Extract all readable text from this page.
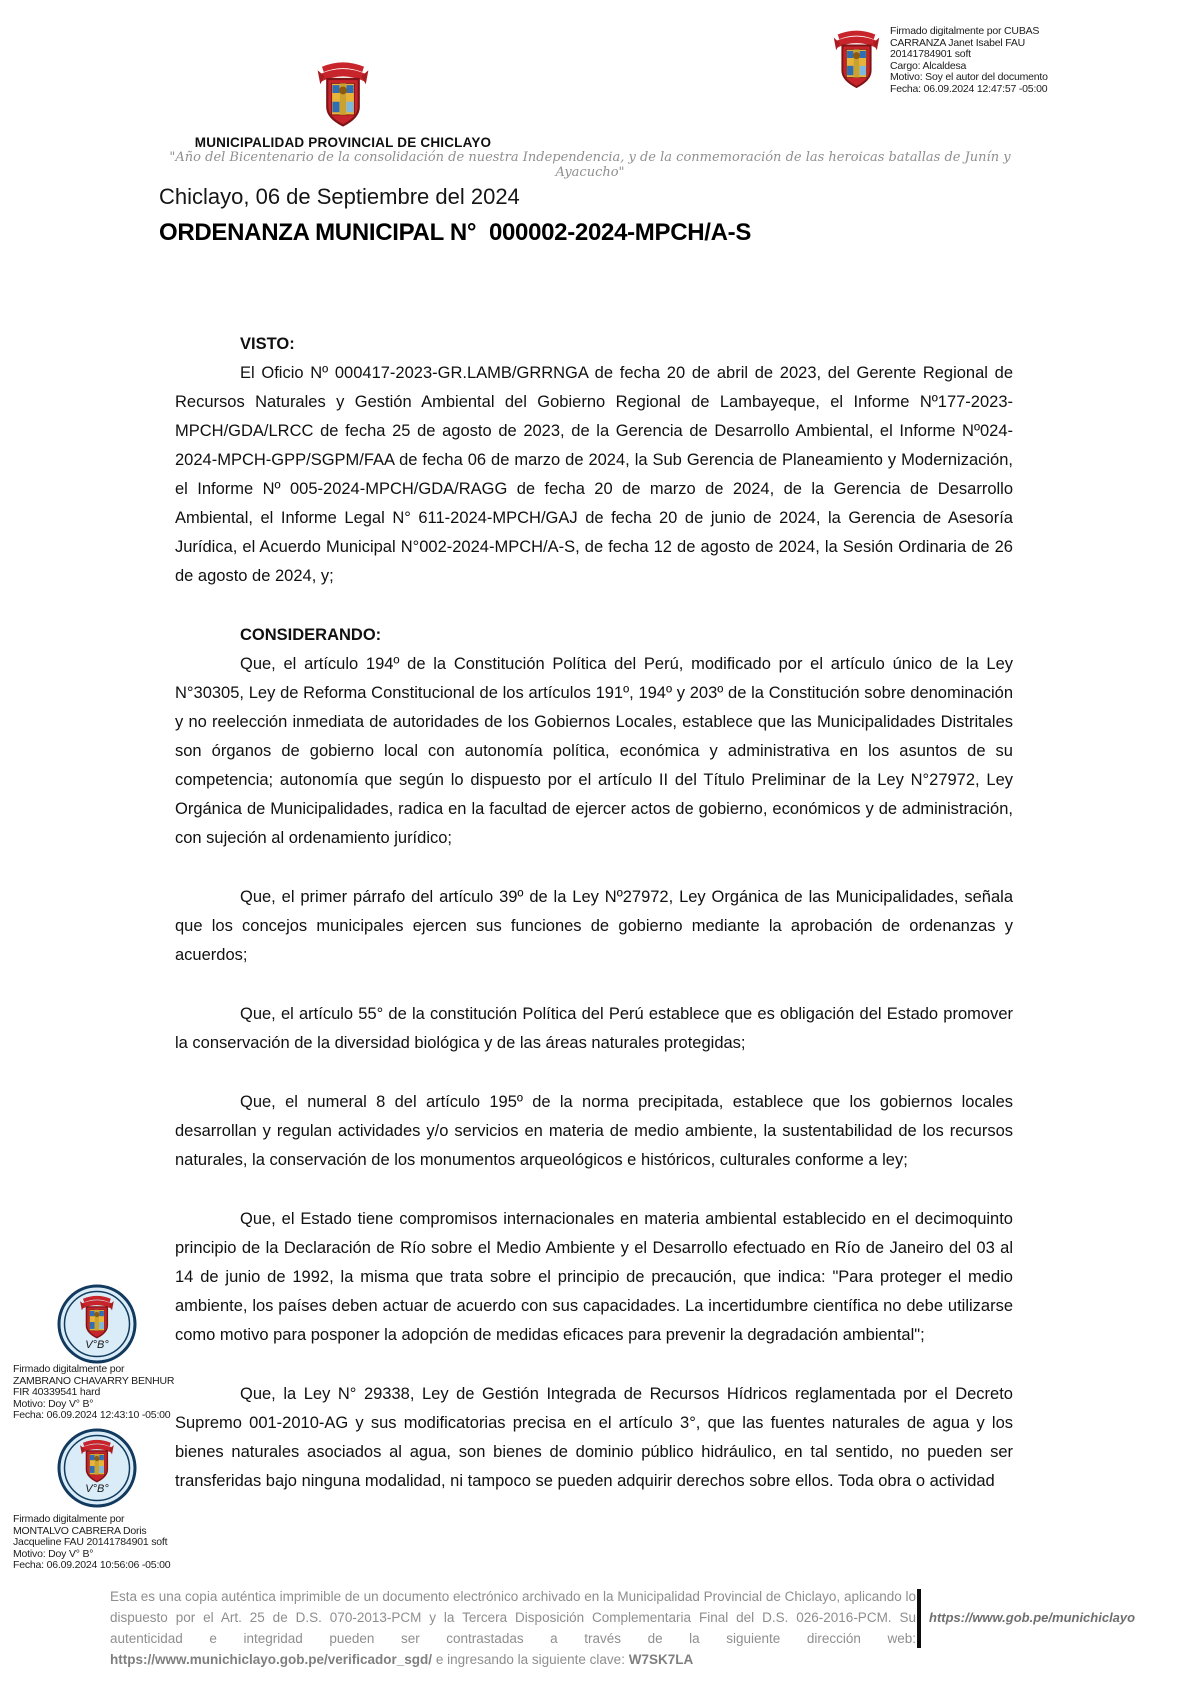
Firmado digitalmente por CUBAS
CARRANZA Janet Isabel FAU
20141784901 soft
Cargo: Alcaldesa
Motivo: Soy el autor del documento
Fecha: 06.09.2024 12:47:57 -05:00
MUNICIPALIDAD PROVINCIAL DE CHICLAYO
"Año del Bicentenario de la consolidación de nuestra Independencia, y de la conmemoración de las heroicas batallas de Junín y Ayacucho"
Chiclayo, 06 de Septiembre del 2024
ORDENANZA MUNICIPAL N°  000002-2024-MPCH/A-S
VISTO:

El Oficio Nº 000417-2023-GR.LAMB/GRRNGA de fecha 20 de abril de 2023, del Gerente Regional de Recursos Naturales y Gestión Ambiental del Gobierno Regional de Lambayeque, el Informe Nº177-2023-MPCH/GDA/LRCC de fecha 25 de agosto de 2023, de la Gerencia de Desarrollo Ambiental, el Informe Nº024-2024-MPCH-GPP/SGPM/FAA de fecha 06 de marzo de 2024, la Sub Gerencia de Planeamiento y Modernización, el Informe Nº 005-2024-MPCH/GDA/RAGG de fecha 20 de marzo de 2024, de la Gerencia de Desarrollo Ambiental, el Informe Legal N° 611-2024-MPCH/GAJ de fecha 20 de junio de 2024, la Gerencia de Asesoría Jurídica, el Acuerdo Municipal N°002-2024-MPCH/A-S, de fecha 12 de agosto de 2024, la Sesión Ordinaria de 26 de agosto de 2024, y;

CONSIDERANDO:

Que, el artículo 194º de la Constitución Política del Perú, modificado por el artículo único de la Ley N°30305, Ley de Reforma Constitucional de los artículos 191º, 194º y 203º de la Constitución sobre denominación y no reelección inmediata de autoridades de los Gobiernos Locales, establece que las Municipalidades Distritales son órganos de gobierno local con autonomía política, económica y administrativa en los asuntos de su competencia; autonomía que según lo dispuesto por el artículo II del Título Preliminar de la Ley N°27972, Ley Orgánica de Municipalidades, radica en la facultad de ejercer actos de gobierno, económicos y de administración, con sujeción al ordenamiento jurídico;

Que, el primer párrafo del artículo 39º de la Ley Nº27972, Ley Orgánica de las Municipalidades, señala que los concejos municipales ejercen sus funciones de gobierno mediante la aprobación de ordenanzas y acuerdos;

Que, el artículo 55° de la constitución Política del Perú establece que es obligación del Estado promover la conservación de la diversidad biológica y de las áreas naturales protegidas;

Que, el numeral 8 del artículo 195º de la norma precipitada, establece que los gobiernos locales desarrollan y regulan actividades y/o servicios en materia de medio ambiente, la sustentabilidad de los recursos naturales, la conservación de los monumentos arqueológicos e históricos, culturales conforme a ley;

Que, el Estado tiene compromisos internacionales en materia ambiental establecido en el decimoquinto principio de la Declaración de Río sobre el Medio Ambiente y el Desarrollo efectuado en Río de Janeiro del 03 al 14 de junio de 1992, la misma que trata sobre el principio de precaución, que indica: "Para proteger el medio ambiente, los países deben actuar de acuerdo con sus capacidades. La incertidumbre científica no debe utilizarse como motivo para posponer la adopción de medidas eficaces para prevenir la degradación ambiental";

Que, la Ley N° 29338, Ley de Gestión Integrada de Recursos Hídricos reglamentada por el Decreto Supremo 001-2010-AG y sus modificatorias precisa en el artículo 3°, que las fuentes naturales de agua y los bienes naturales asociados al agua, son bienes de dominio público hidráulico, en tal sentido, no pueden ser transferidas bajo ninguna modalidad, ni tampoco se pueden adquirir derechos sobre ellos. Toda obra o actividad

V°B°
Firmado digitalmente por
ZAMBRANO CHAVARRY BENHUR
FIR 40339541 hard
Motivo: Doy V° B°
Fecha: 06.09.2024 12:43:10 -05:00
V°B°
Firmado digitalmente por
MONTALVO CABRERA Doris
Jacqueline FAU 20141784901 soft
Motivo: Doy V° B°
Fecha: 06.09.2024 10:56:06 -05:00
Esta es una copia auténtica imprimible de un documento electrónico archivado en la Municipalidad Provincial de Chiclayo, aplicando lo dispuesto por el Art. 25 de D.S. 070-2013-PCM y la Tercera Disposición Complementaria Final del D.S. 026-2016-PCM. Su autenticidad e integridad pueden ser contrastadas a través de la siguiente dirección web: https://www.munichiclayo.gob.pe/verificador_sgd/ e ingresando la siguiente clave: W7SK7LA
https://www.gob.pe/munichiclayo
